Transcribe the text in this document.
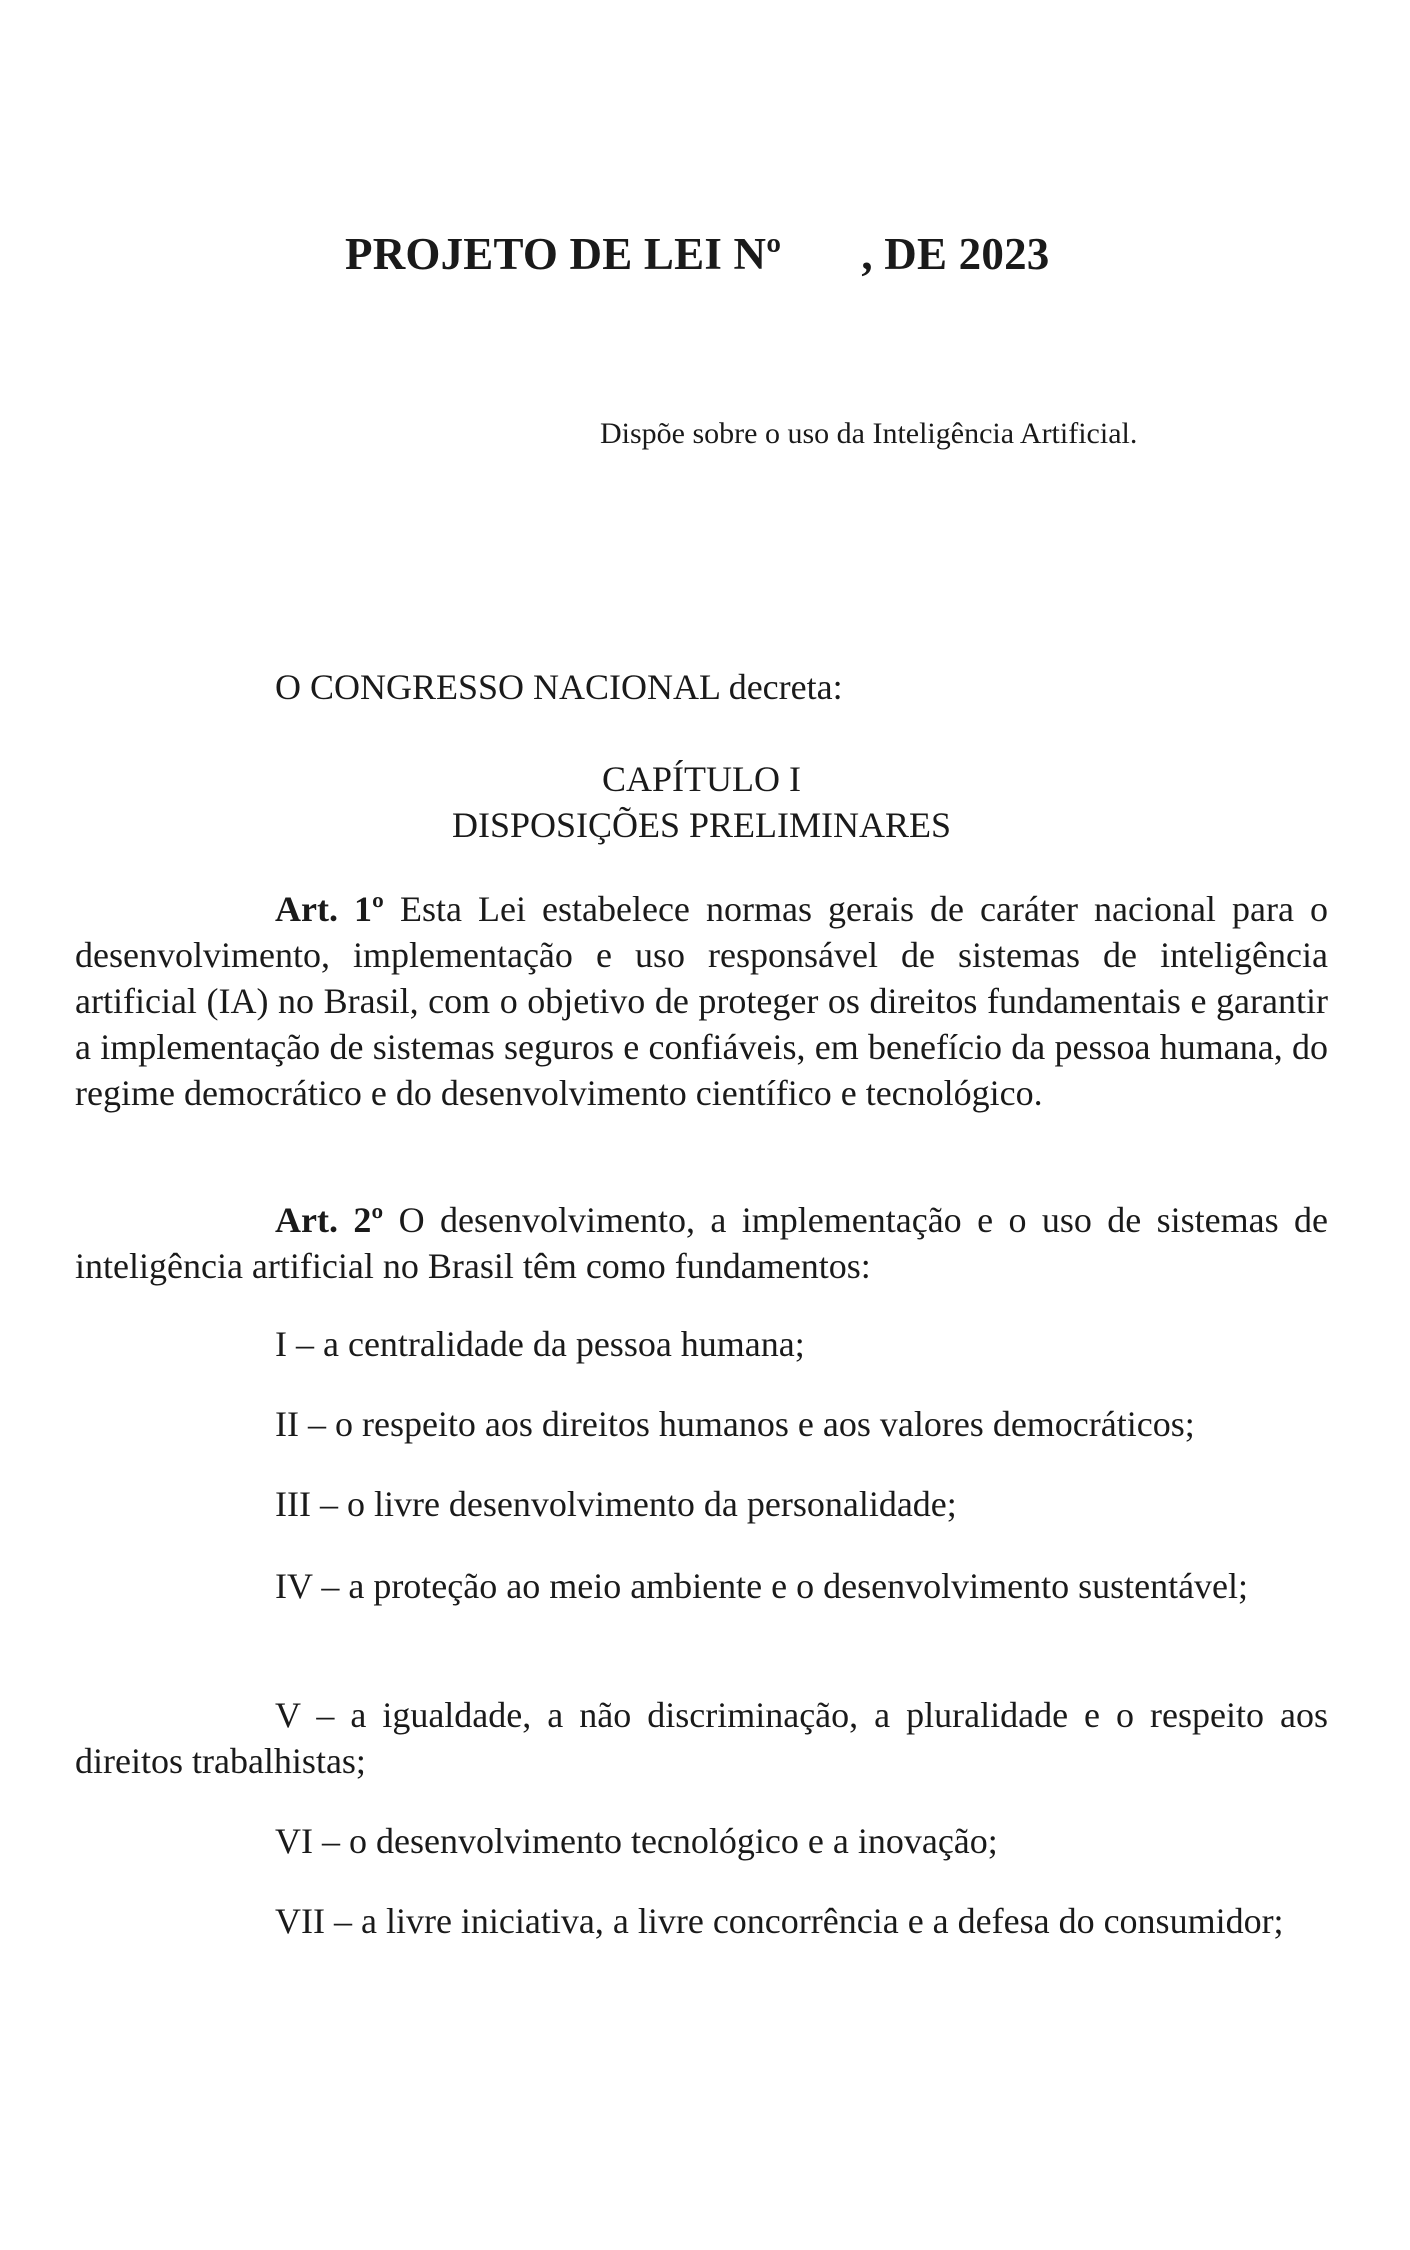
PROJETO DE LEI Nº       , DE 2023
Dispõe sobre o uso da Inteligência Artificial.
O CONGRESSO NACIONAL decreta:
CAPÍTULO I
DISPOSIÇÕES PRELIMINARES
Art. 1º Esta Lei estabelece normas gerais de caráter nacional para o desenvolvimento, implementação e uso responsável de sistemas de inteligência artificial (IA) no Brasil, com o objetivo de proteger os direitos fundamentais e garantir a implementação de sistemas seguros e confiáveis, em benefício da pessoa humana, do regime democrático e do desenvolvimento científico e tecnológico.
Art. 2º O desenvolvimento, a implementação e o uso de sistemas de inteligência artificial no Brasil têm como fundamentos:
I – a centralidade da pessoa humana;
II – o respeito aos direitos humanos e aos valores democráticos;
III – o livre desenvolvimento da personalidade;
IV – a proteção ao meio ambiente e o desenvolvimento sustentável;
V – a igualdade, a não discriminação, a pluralidade e o respeito aos direitos trabalhistas;
VI – o desenvolvimento tecnológico e a inovação;
VII – a livre iniciativa, a livre concorrência e a defesa do consumidor;
